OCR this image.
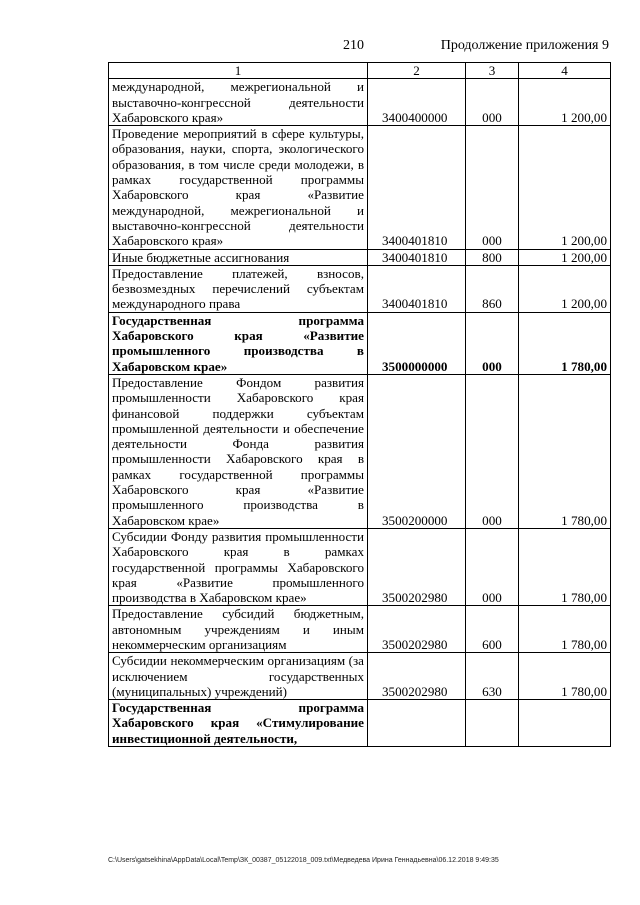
210	Продолжение приложения 9
1	2	3	4
международной, межрегиональной и выставочно-конгрессной деятельности Хабаровского края»	3400400000	000	1 200,00
Проведение мероприятий в сфере культуры, образования, науки, спорта, экологического образования, в том числе среди молодежи, в рамках государственной программы Хабаровского края «Развитие международной, межрегиональной и выставочно-конгрессной деятельности Хабаровского края»	3400401810	000	1 200,00
Иные бюджетные ассигнования	3400401810	800	1 200,00
Предоставление платежей, взносов, безвозмездных перечислений субъектам международного права	3400401810	860	1 200,00
Государственная программа Хабаровского края «Развитие промышленного производства в Хабаровском крае»	3500000000	000	1 780,00
Предоставление Фондом развития промышленности Хабаровского края финансовой поддержки субъектам промышленной деятельности и обеспечение деятельности Фонда развития промышленности Хабаровского края в рамках государственной программы Хабаровского края «Развитие промышленного производства в Хабаровском крае»	3500200000	000	1 780,00
Субсидии Фонду развития промышленности Хабаровского края в рамках государственной программы Хабаровского края «Развитие промышленного производства в Хабаровском крае»	3500202980	000	1 780,00
Предоставление субсидий бюджетным, автономным учреждениям и иным некоммерческим организациям	3500202980	600	1 780,00
Субсидии некоммерческим организациям (за исключением государственных (муниципальных) учреждений)	3500202980	630	1 780,00
Государственная программа Хабаровского края «Стимулирование инвестиционной деятельности,			
C:\Users\gatsekhina\AppData\Local\Temp\ЗК_00387_05122018_009.txt\Медведева Ирина Геннадьевна\06.12.2018 9:49:35
